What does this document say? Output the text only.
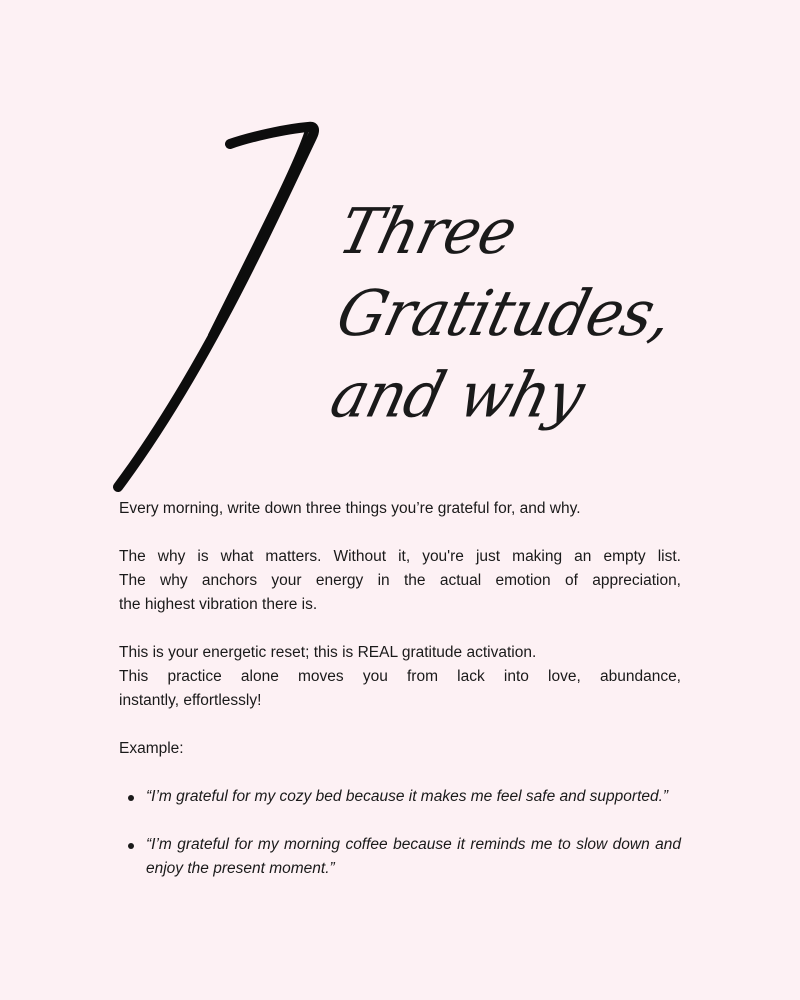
Three
Gratitudes,
and why

Every morning, write down three things you’re grateful for, and why.

The why is what matters. Without it, you're just making an empty list.
The why anchors your energy in the actual emotion of appreciation,
the highest vibration there is.

This is your energetic reset; this is REAL gratitude activation.
This practice alone moves you from lack into love, abundance,
instantly, effortlessly!

Example:
“I’m grateful for my cozy bed because it makes me feel safe and supported.”
“I’m grateful for my morning coffee because it reminds me to slow down and enjoy the present moment.”
